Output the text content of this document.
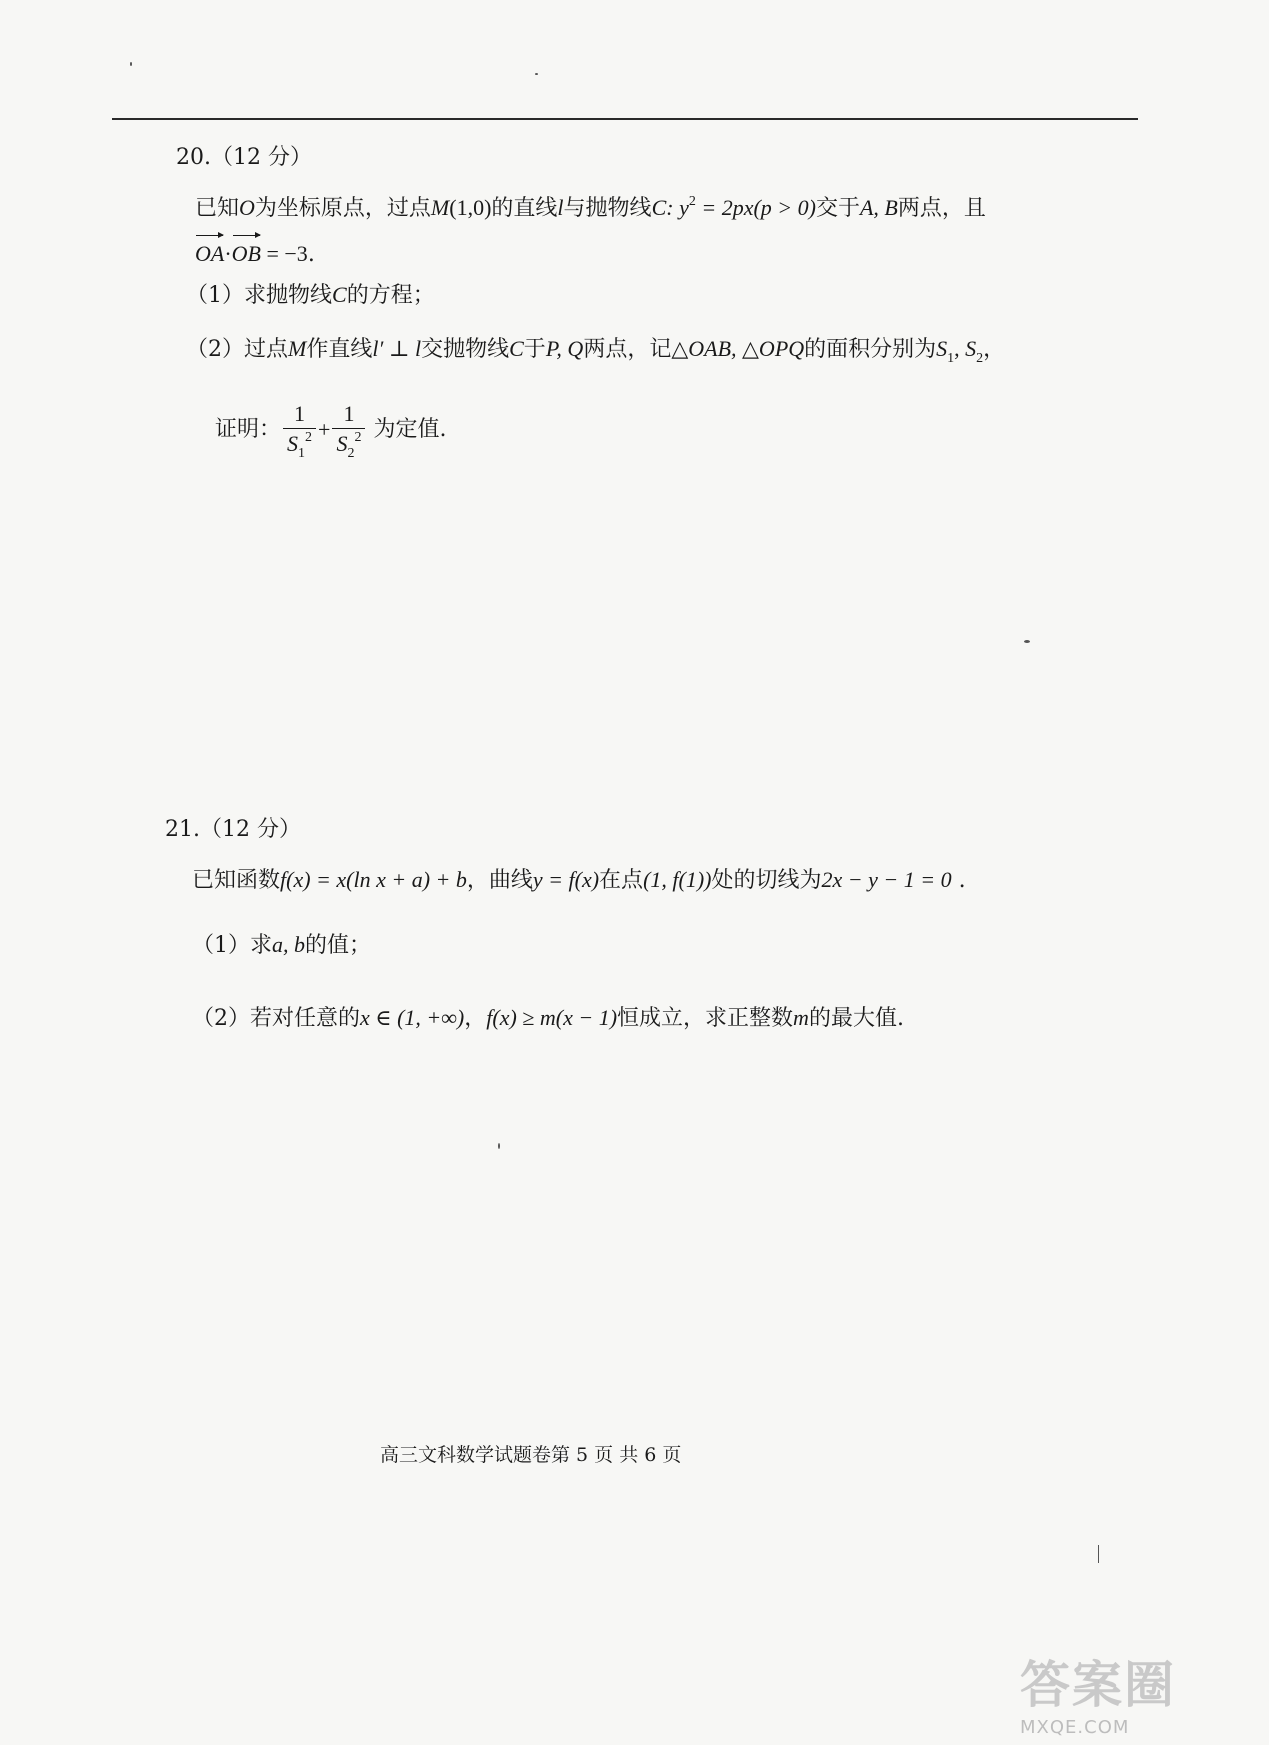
20.（12 分）
已知O为坐标原点，过点M(1,0)的直线l与抛物线C: $y^2 = 2px(p > 0)$交于A, B两点，且
OA·OB = −3.
（1）求抛物线C的方程；
（2）过点M作直线l′ ⊥ l交抛物线C于P, Q两点，记△OAB, △OPQ的面积分别为$S_1$, $S_2$，
证明： $\frac{1}{S_1^2} + \frac{1}{S_2^2}$ 为定值.
21.（12 分）
已知函数f(x) = x(ln x + a) + b，曲线y = f(x)在点(1, f(1))处的切线为2x − y − 1 = 0 .
（1）求a, b的值；
（2）若对任意的x ∈ (1, +∞)，f(x) ≥ m(x − 1)恒成立，求正整数m的最大值.
高三文科数学试题卷第 5 页 共 6 页
答案圈
MXQE.COM
